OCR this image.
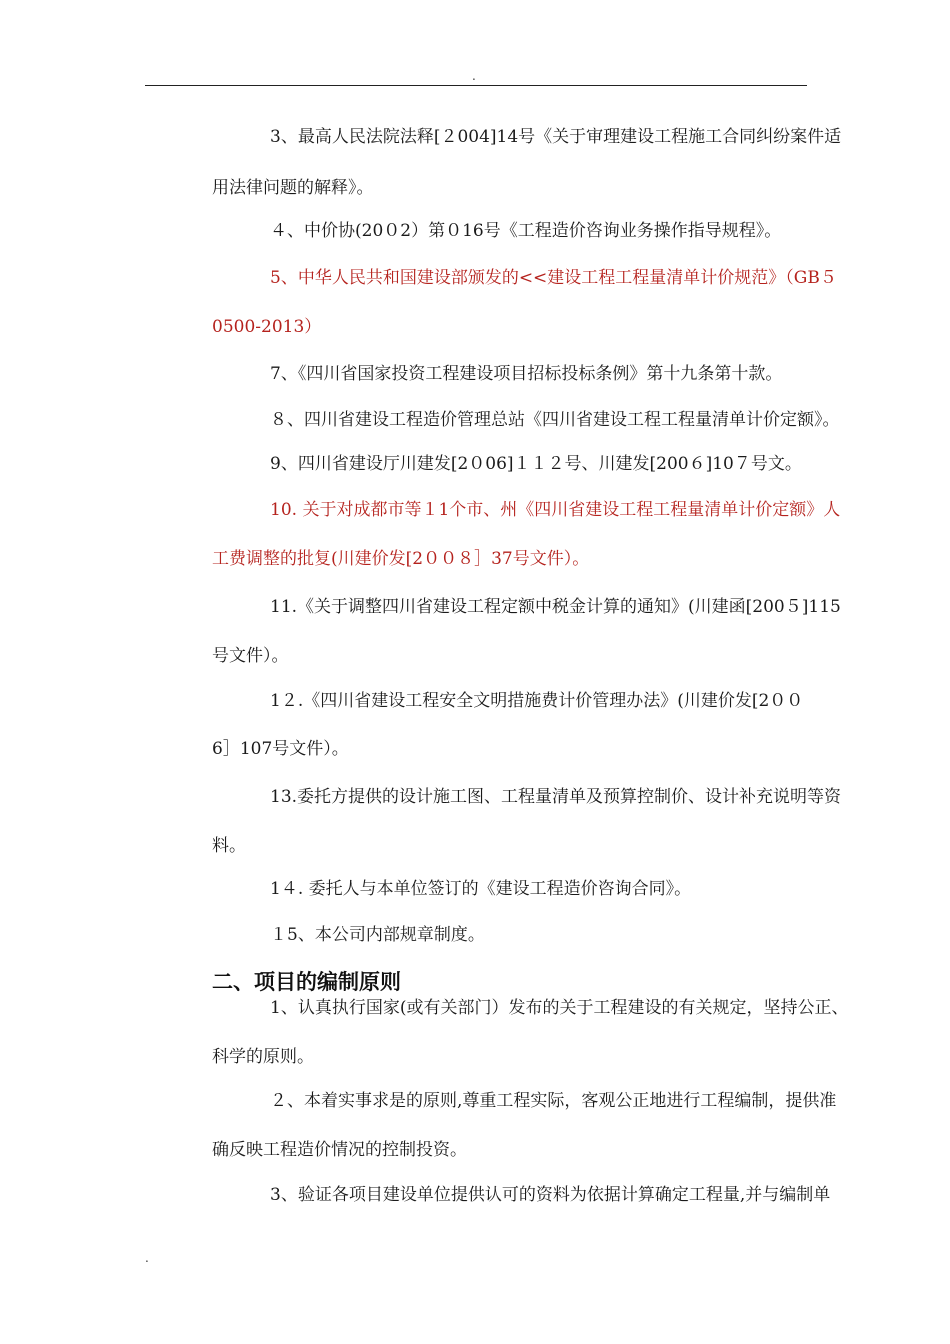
.
3、最高人民法院法释[２004]14号《关于审理建设工程施工合同纠纷案件适
用法律问题的解释》。
４、中价协(20０2）第０16号《工程造价咨询业务操作指导规程》。
5、中华人民共和国建设部颁发的<<建设工程工程量清单计价规范》（GB５
0500-2013）
7、《四川省国家投资工程建设项目招标投标条例》第十九条第十款。
８、四川省建设工程造价管理总站《四川省建设工程工程量清单计价定额》。
9、四川省建设厅川建发[2０06]１１２号、川建发[200６]10７号文。
10. 关于对成都市等１1个市、州《四川省建设工程工程量清单计价定额》人
工费调整的批复(川建价发[2００８］37号文件）。
11.《关于调整四川省建设工程定额中税金计算的通知》(川建函[200５]115
号文件）。
1２.《四川省建设工程安全文明措施费计价管理办法》(川建价发[2００
6］107号文件）。
13.委托方提供的设计施工图、工程量清单及预算控制价、设计补充说明等资
料。
1４. 委托人与本单位签订的《建设工程造价咨询合同》。
１5、本公司内部规章制度。
二、项目的编制原则
1、认真执行国家(或有关部门）发布的关于工程建设的有关规定，坚持公正、
科学的原则。
２、本着实事求是的原则,尊重工程实际，客观公正地进行工程编制，提供准
确反映工程造价情况的控制投资。
3、验证各项目建设单位提供认可的资料为依据计算确定工程量,并与编制单
.
